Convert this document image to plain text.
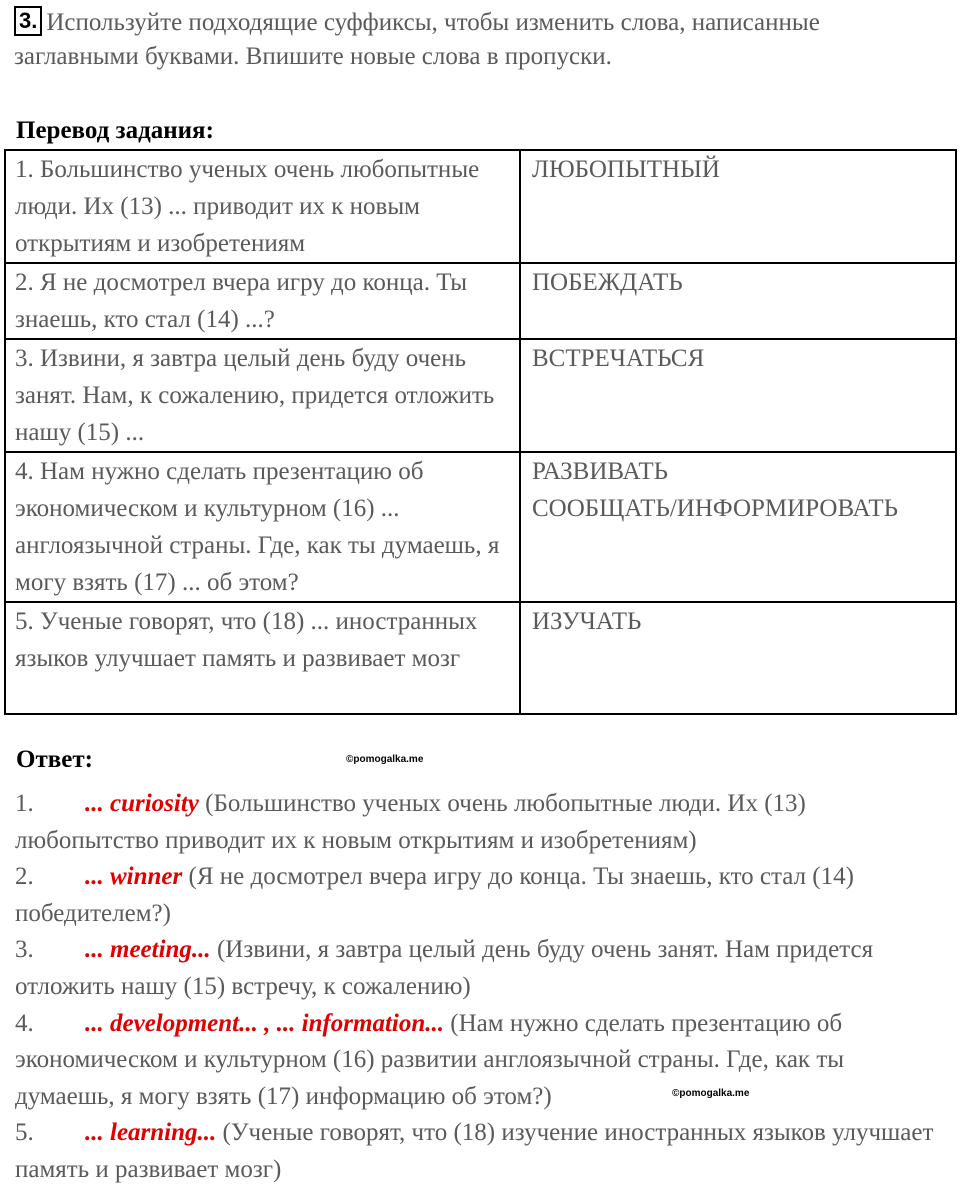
3. Используйте подходящие суффиксы, чтобы изменить слова, написанные заглавными буквами. Впишите новые слова в пропуски.
Перевод задания:
1. Большинство ученых очень любопытные люди. Их (13) ... приводит их к новым открытиям и изобретениям	ЛЮБОПЫТНЫЙ

2. Я не досмотрел вчера игру до конца. Ты знаешь, кто стал (14) ...?	ПОБЕЖДАТЬ

3. Извини, я завтра целый день буду очень занят. Нам, к сожалению, придется отложить нашу (15) ...	ВСТРЕЧАТЬСЯ

4. Нам нужно сделать презентацию об экономическом и культурном (16) ... англоязычной страны. Где, как ты думаешь, я могу взять (17) ... об этом?	РАЗВИВАТЬ
СООБЩАТЬ/ИНФОРМИРОВАТЬ

5. Ученые говорят, что (18) ... иностранных языков улучшает память и развивает мозг	ИЗУЧАТЬ
Ответ:	©pomogalka.me
1. ... curiosity (Большинство ученых очень любопытные люди. Их (13) любопытство приводит их к новым открытиям и изобретениям)
2. ... winner (Я не досмотрел вчера игру до конца. Ты знаешь, кто стал (14) победителем?)
3. ... meeting... (Извини, я завтра целый день буду очень занят. Нам придется отложить нашу (15) встречу, к сожалению)
4. ... development... , ... information... (Нам нужно сделать презентацию об экономическом и культурном (16) развитии англоязычной страны. Где, как ты думаешь, я могу взять (17) информацию об этом?)
5. ... learning... (Ученые говорят, что (18) изучение иностранных языков улучшает память и развивает мозг)
©pomogalka.me
